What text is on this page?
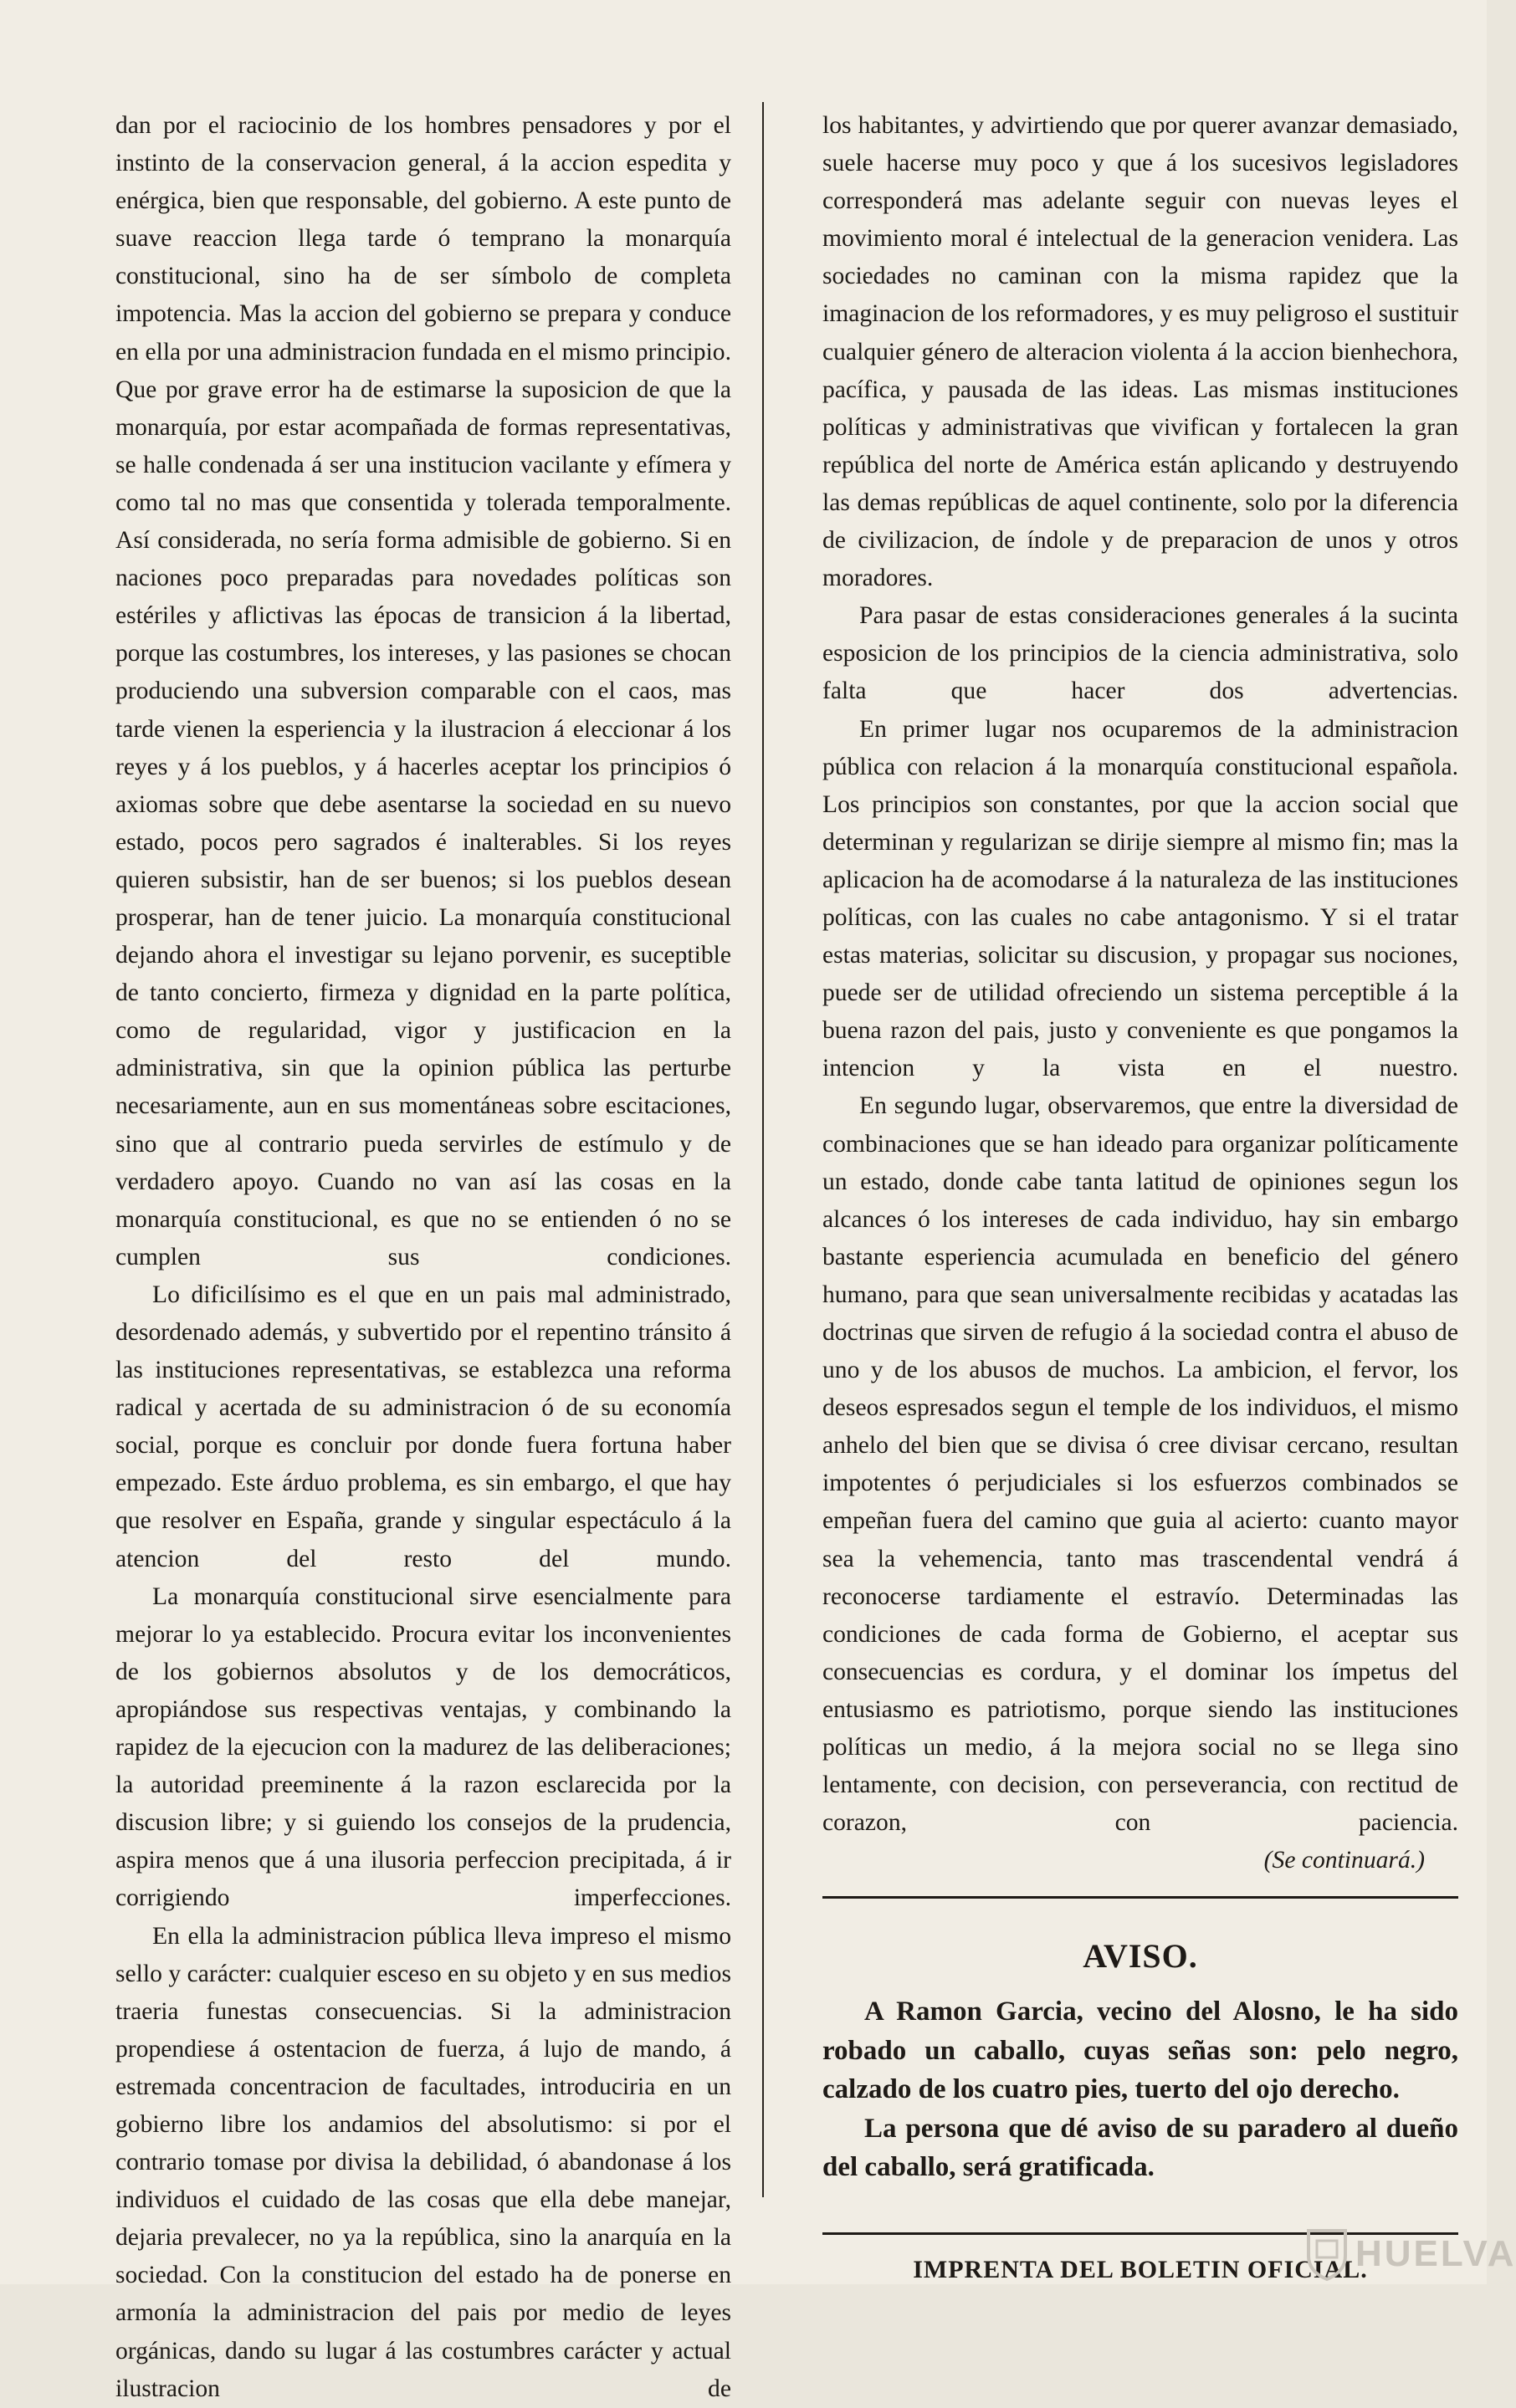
dan por el raciocinio de los hombres pensadores y por el instinto de la conservacion general, á la accion espedita y enérgica, bien que responsable, del gobierno. A este punto de suave reaccion llega tarde ó temprano la monarquía constitucional, sino ha de ser símbolo de completa impotencia. Mas la accion del gobierno se prepara y conduce en ella por una administracion fundada en el mismo principio. Que por grave error ha de estimarse la suposicion de que la monarquía, por estar acompañada de formas representativas, se halle condenada á ser una institucion vacilante y efímera y como tal no mas que consentida y tolerada temporalmente. Así considerada, no sería forma admisible de gobierno. Si en naciones poco preparadas para novedades políticas son estériles y aflictivas las épocas de transicion á la libertad, porque las costumbres, los intereses, y las pasiones se chocan produciendo una subversion comparable con el caos, mas tarde vienen la esperiencia y la ilustracion á eleccionar á los reyes y á los pueblos, y á hacerles aceptar los principios ó axiomas sobre que debe asentarse la sociedad en su nuevo estado, pocos pero sagrados é inalterables. Si los reyes quieren subsistir, han de ser buenos; si los pueblos desean prosperar, han de tener juicio. La monarquía constitucional dejando ahora el investigar su lejano porvenir, es suceptible de tanto concierto, firmeza y dignidad en la parte política, como de regularidad, vigor y justificacion en la administrativa, sin que la opinion pública las perturbe necesariamente, aun en sus momentáneas sobre escitaciones, sino que al contrario pueda servirles de estímulo y de verdadero apoyo. Cuando no van así las cosas en la monarquía constitucional, es que no se entienden ó no se cumplen sus condiciones.

Lo dificilísimo es el que en un pais mal administrado, desordenado además, y subvertido por el repentino tránsito á las instituciones representativas, se establezca una reforma radical y acertada de su administracion ó de su economía social, porque es concluir por donde fuera fortuna haber empezado. Este árduo problema, es sin embargo, el que hay que resolver en España, grande y singular espectáculo á la atencion del resto del mundo.

La monarquía constitucional sirve esencialmente para mejorar lo ya establecido. Procura evitar los inconvenientes de los gobiernos absolutos y de los democráticos, apropiándose sus respectivas ventajas, y combinando la rapidez de la ejecucion con la madurez de las deliberaciones; la autoridad preeminente á la razon esclarecida por la discusion libre; y si guiendo los consejos de la prudencia, aspira menos que á una ilusoria perfeccion precipitada, á ir corrigiendo imperfecciones.

En ella la administracion pública lleva impreso el mismo sello y carácter: cualquier esceso en su objeto y en sus medios traeria funestas consecuencias. Si la administracion propendiese á ostentacion de fuerza, á lujo de mando, á estremada concentracion de facultades, introduciria en un gobierno libre los andamios del absolutismo: si por el contrario tomase por divisa la debilidad, ó abandonase á los individuos el cuidado de las cosas que ella debe manejar, dejaria prevalecer, no ya la república, sino la anarquía en la sociedad. Con la constitucion del estado ha de ponerse en armonía la administracion del pais por medio de leyes orgánicas, dando su lugar á las costumbres carácter y actual ilustracion de

los habitantes, y advirtiendo que por querer avanzar demasiado, suele hacerse muy poco y que á los sucesivos legisladores corresponderá mas adelante seguir con nuevas leyes el movimiento moral é intelectual de la generacion venidera. Las sociedades no caminan con la misma rapidez que la imaginacion de los reformadores, y es muy peligroso el sustituir cualquier género de alteracion violenta á la accion bienhechora, pacífica, y pausada de las ideas. Las mismas instituciones políticas y administrativas que vivifican y fortalecen la gran república del norte de América están aplicando y destruyendo las demas repúblicas de aquel continente, solo por la diferencia de civilizacion, de índole y de preparacion de unos y otros moradores.

Para pasar de estas consideraciones generales á la sucinta esposicion de los principios de la ciencia administrativa, solo falta que hacer dos advertencias.

En primer lugar nos ocuparemos de la administracion pública con relacion á la monarquía constitucional española. Los principios son constantes, por que la accion social que determinan y regularizan se dirije siempre al mismo fin; mas la aplicacion ha de acomodarse á la naturaleza de las instituciones políticas, con las cuales no cabe antagonismo. Y si el tratar estas materias, solicitar su discusion, y propagar sus nociones, puede ser de utilidad ofreciendo un sistema perceptible á la buena razon del pais, justo y conveniente es que pongamos la intencion y la vista en el nuestro.

En segundo lugar, observaremos, que entre la diversidad de combinaciones que se han ideado para organizar políticamente un estado, donde cabe tanta latitud de opiniones segun los alcances ó los intereses de cada individuo, hay sin embargo bastante esperiencia acumulada en beneficio del género humano, para que sean universalmente recibidas y acatadas las doctrinas que sirven de refugio á la sociedad contra el abuso de uno y de los abusos de muchos. La ambicion, el fervor, los deseos espresados segun el temple de los individuos, el mismo anhelo del bien que se divisa ó cree divisar cercano, resultan impotentes ó perjudiciales si los esfuerzos combinados se empeñan fuera del camino que guia al acierto: cuanto mayor sea la vehemencia, tanto mas trascendental vendrá á reconocerse tardiamente el estravío. Determinadas las condiciones de cada forma de Gobierno, el aceptar sus consecuencias es cordura, y el dominar los ímpetus del entusiasmo es patriotismo, porque siendo las instituciones políticas un medio, á la mejora social no se llega sino lentamente, con decision, con perseverancia, con rectitud de corazon, con paciencia.

(Se continuará.)

AVISO.

A Ramon Garcia, vecino del Alosno, le ha sido robado un caballo, cuyas señas son: pelo negro, calzado de los cuatro pies, tuerto del ojo derecho.

La persona que dé aviso de su paradero al dueño del caballo, será gratificada.

IMPRENTA DEL BOLETIN OFICIAL.
HUELVA
